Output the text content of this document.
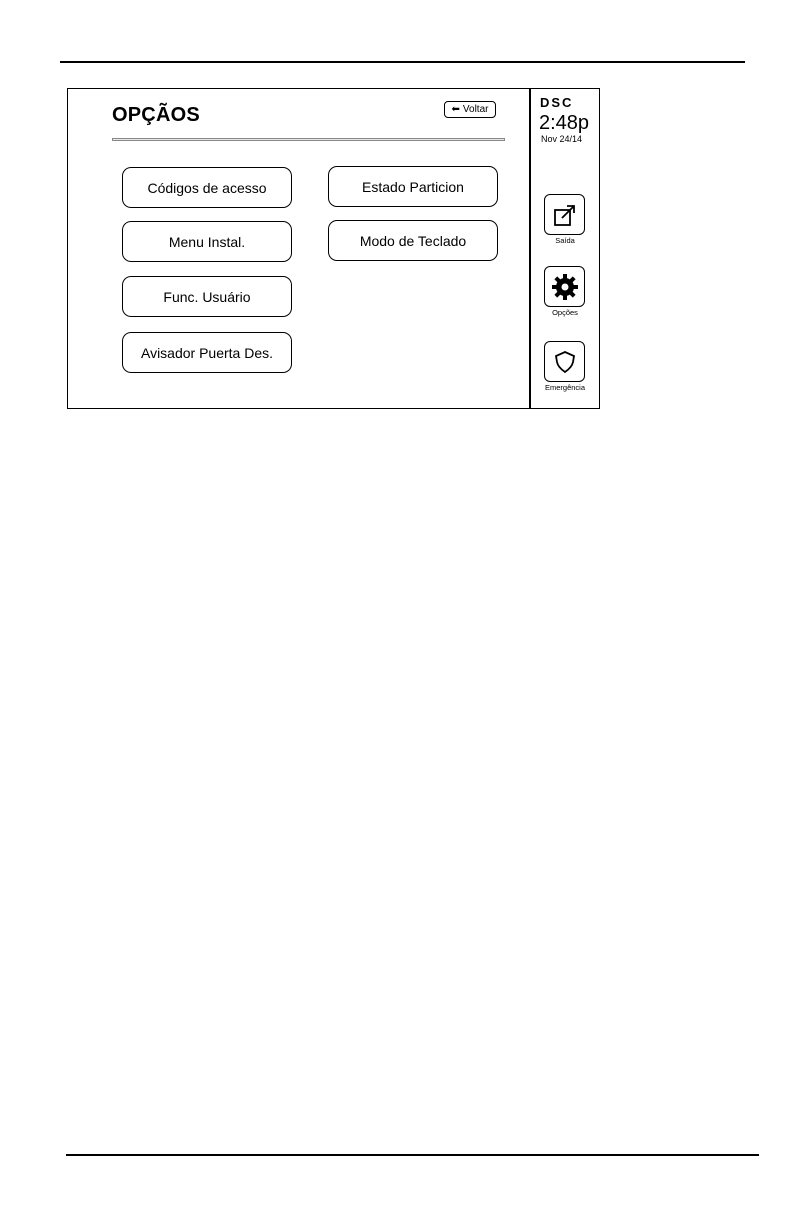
OPÇÃOS	⬅ Voltar
Códigos de acesso
Menu Instal.
Func. Usuário
Avisador Puerta Des.
Estado Particion
Modo de Teclado
DSC
2:48p
Nov 24/14
Saída
Opções
Emergência
